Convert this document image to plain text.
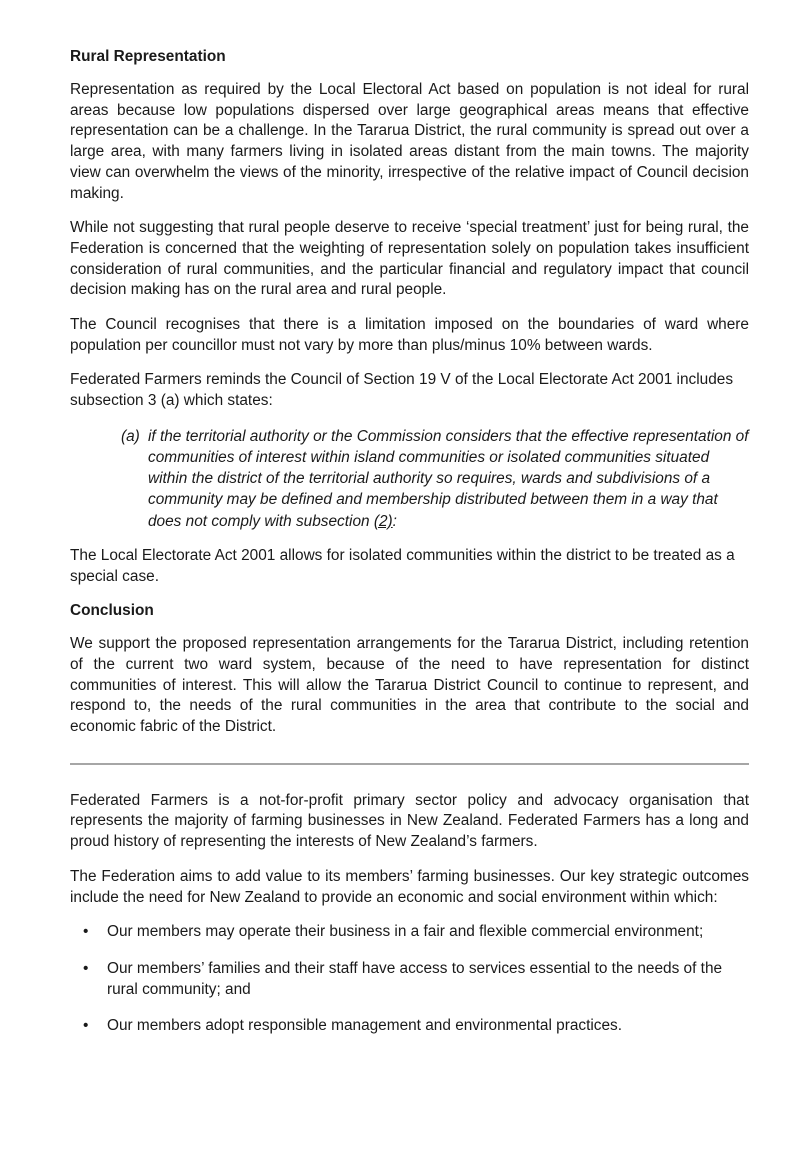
Rural Representation

Representation as required by the Local Electoral Act based on population is not ideal for rural areas because low populations dispersed over large geographical areas means that effective representation can be a challenge. In the Tararua District, the rural community is spread out over a large area, with many farmers living in isolated areas distant from the main towns. The majority view can overwhelm the views of the minority, irrespective of the relative impact of Council decision making.

While not suggesting that rural people deserve to receive ‘special treatment’ just for being rural, the Federation is concerned that the weighting of representation solely on population takes insufficient consideration of rural communities, and the particular financial and regulatory impact that council decision making has on the rural area and rural people.

The Council recognises that there is a limitation imposed on the boundaries of ward where population per councillor must not vary by more than plus/minus 10% between wards.

Federated Farmers reminds the Council of Section 19 V of the Local Electorate Act 2001 includes subsection 3 (a) which states:

(a) if the territorial authority or the Commission considers that the effective representation of communities of interest within island communities or isolated communities situated within the district of the territorial authority so requires, wards and subdivisions of a community may be defined and membership distributed between them in a way that does not comply with subsection (2):

The Local Electorate Act 2001 allows for isolated communities within the district to be treated as a special case.

Conclusion

We support the proposed representation arrangements for the Tararua District, including retention of the current two ward system, because of the need to have representation for distinct communities of interest. This will allow the Tararua District Council to continue to represent, and respond to, the needs of the rural communities in the area that contribute to the social and economic fabric of the District.

Federated Farmers is a not-for-profit primary sector policy and advocacy organisation that represents the majority of farming businesses in New Zealand. Federated Farmers has a long and proud history of representing the interests of New Zealand’s farmers.

The Federation aims to add value to its members’ farming businesses. Our key strategic outcomes include the need for New Zealand to provide an economic and social environment within which:

• Our members may operate their business in a fair and flexible commercial environment;
• Our members’ families and their staff have access to services essential to the needs of the rural community; and
• Our members adopt responsible management and environmental practices.
